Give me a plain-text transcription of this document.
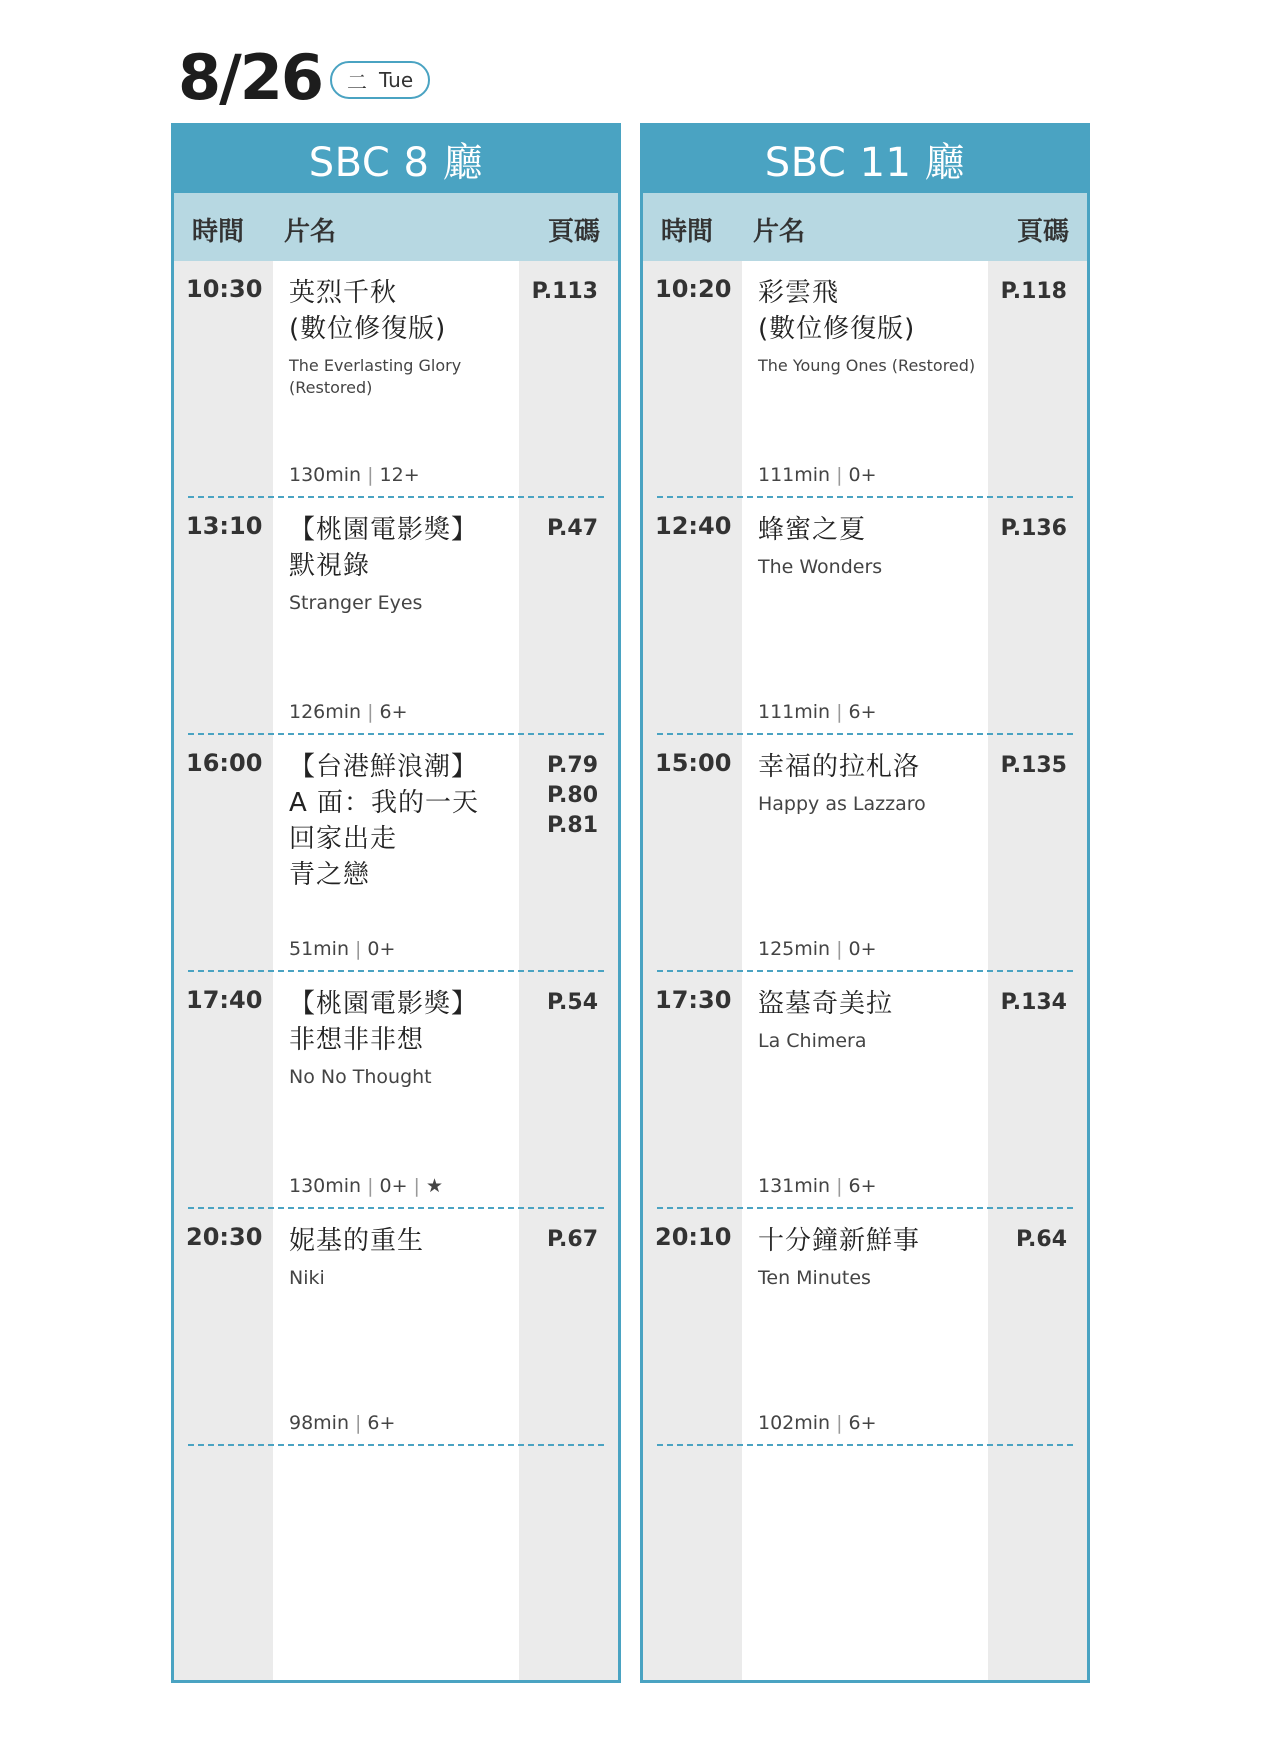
8/26 二 Tue
SBC 8 廳
時間 片名	頁碼
10:30 英烈千秋
(數位修復版)
The Everlasting Glory (Restored)
P.113
130min | 12+
13:10 【桃園電影獎】
默視錄
Stranger Eyes
P.47
126min | 6+
16:00 【台港鮮浪潮】
A 面：我的一天
回家出走
青之戀
P.79
P.80
P.81
51min | 0+
17:40 【桃園電影獎】
非想非非想
No No Thought
P.54
130min | 0+ | ★
20:30 妮基的重生
Niki
P.67
98min | 6+
SBC 11 廳
時間 片名	頁碼
10:20 彩雲飛
(數位修復版)
The Young Ones (Restored)
P.118
111min | 0+
12:40 蜂蜜之夏
The Wonders
P.136
111min | 6+
15:00 幸福的拉札洛
Happy as Lazzaro
P.135
125min | 0+
17:30 盜墓奇美拉
La Chimera
P.134
131min | 6+
20:10 十分鐘新鮮事
Ten Minutes
P.64
102min | 6+
